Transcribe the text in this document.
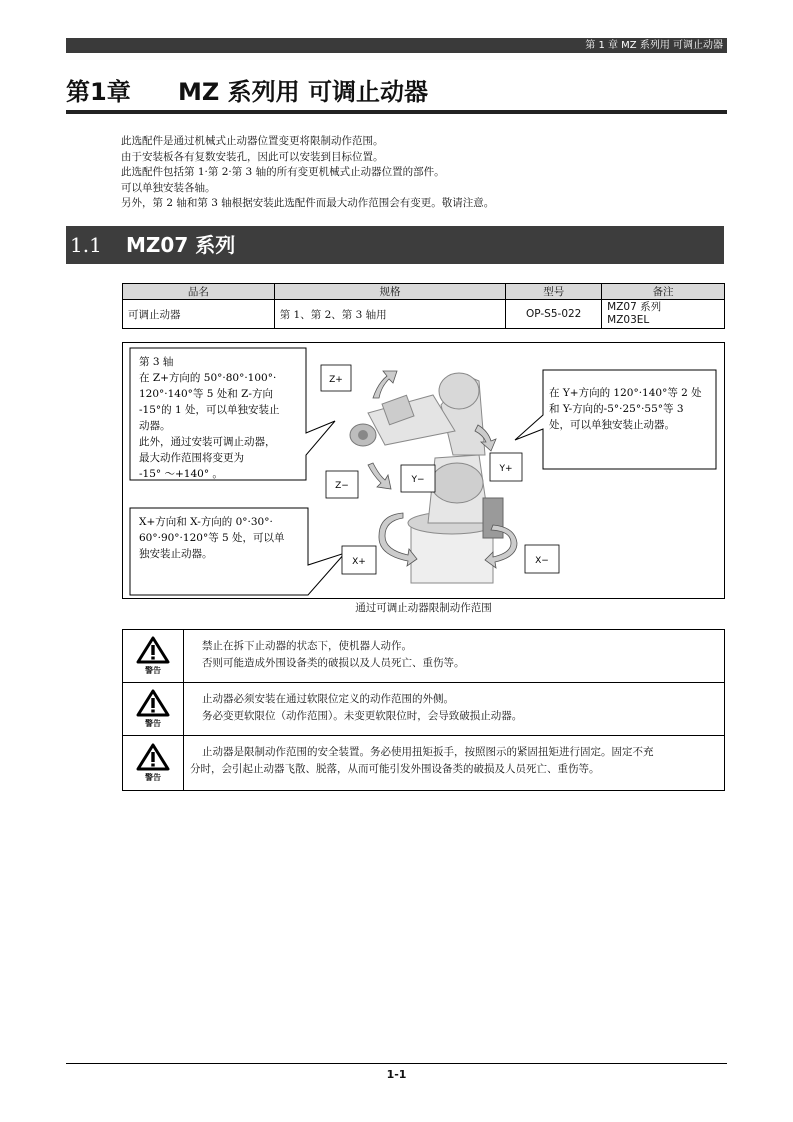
第 1 章 MZ 系列用 可调止动器
第1章 MZ 系列用 可调止动器

此选配件是通过机械式止动器位置变更将限制动作范围。

由于安装板各有复数安装孔，因此可以安装到目标位置。

此选配件包括第 1·第 2·第 3 轴的所有变更机械式止动器位置的部件。

可以单独安装各轴。

另外，第 2 轴和第 3 轴根据安装此选配件而最大动作范围会有变更。敬请注意。

1.1 MZ07 系列
品名	规格	型号	备注
可调止动器	第 1、第 2、第 3 轴用	OP-S5-022	MZ07 系列
MZ03EL
第 3 轴
在 Z+方向的 50°·80°·100°·
120°·140°等 5 处和 Z-方向
-15°的 1 处，可以单独安装止
动器。
此外，通过安装可调止动器，
最大动作范围将变更为
-15° ～+140° 。
在 Y+方向的 120°·140°等 2 处
和 Y-方向的-5°·25°·55°等 3
处，可以单独安装止动器。
X+方向和 X-方向的 0°·30°·
60°·90°·120°等 5 处，可以单
独安装止动器。
Z+
Z−
Y−
Y+
X+	X−
通过可调止动器限制动作范围
警告

禁止在拆下止动器的状态下，使机器人动作。

否则可能造成外围设备类的破损以及人员死亡、重伤等。

警告

止动器必须安装在通过软限位定义的动作范围的外侧。

务必变更软限位（动作范围）。未变更软限位时，会导致破损止动器。

警告

止动器是限制动作范围的安全装置。务必使用扭矩扳手，按照图示的紧固扭矩进行固定。固定不充

分时，会引起止动器飞散、脱落，从而可能引发外围设备类的破损及人员死亡、重伤等。

1-1
